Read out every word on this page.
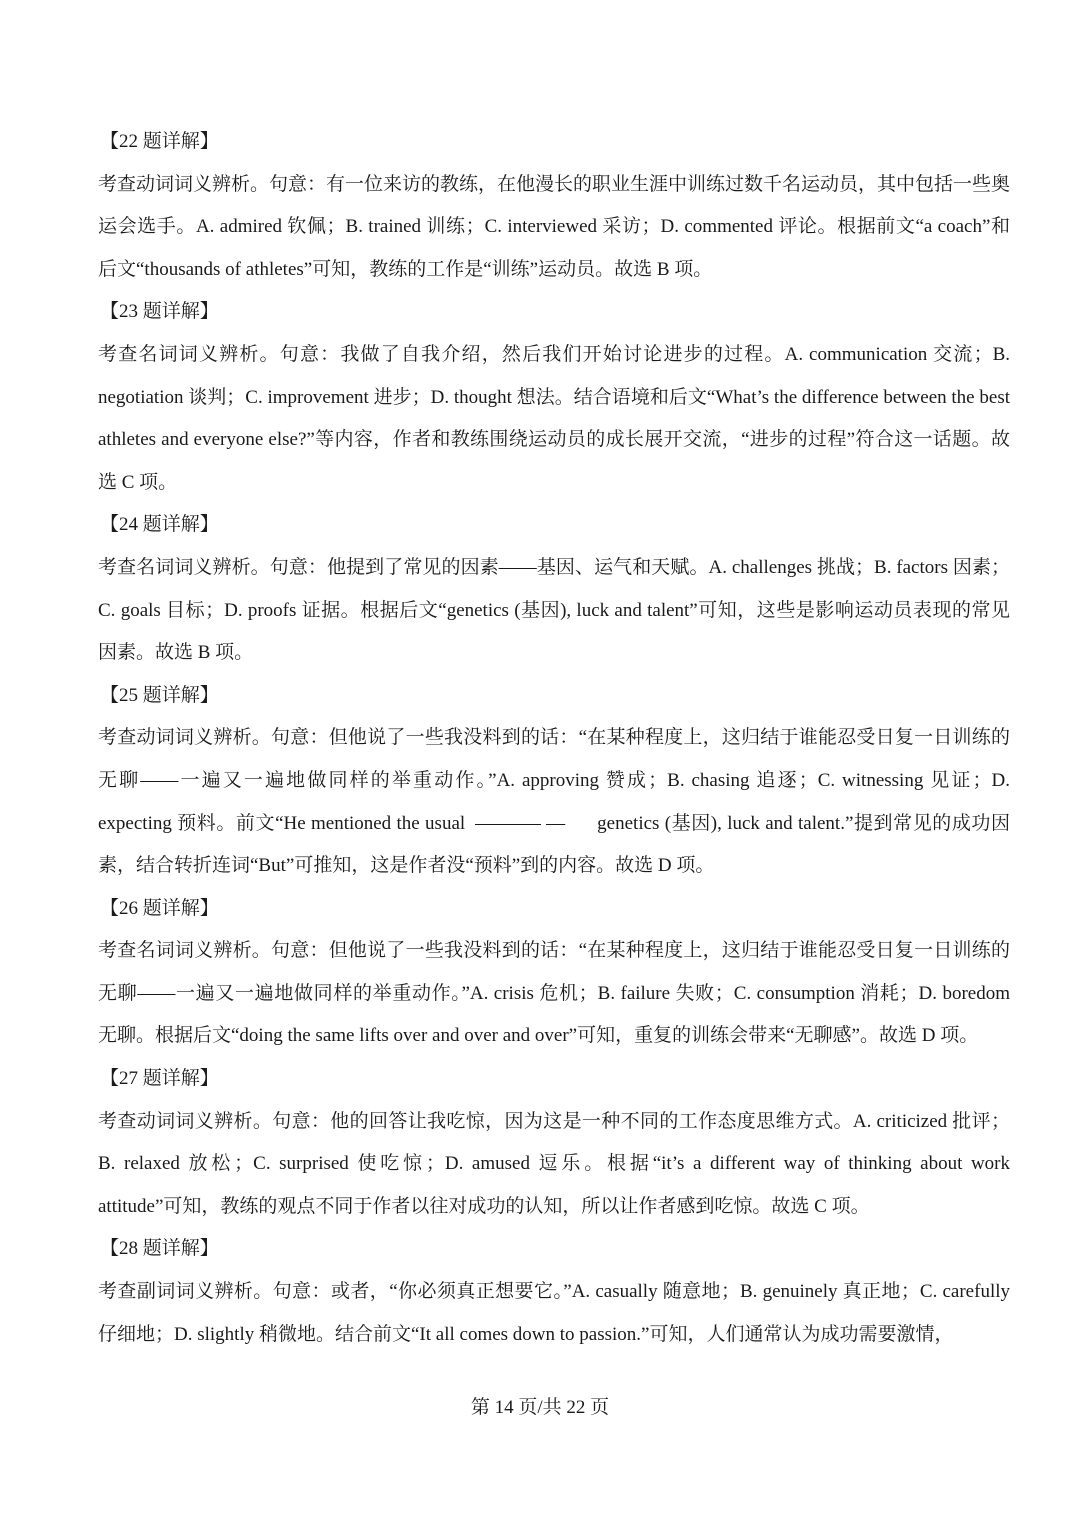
【22 题详解】

考查动词词义辨析。句意：有一位来访的教练，在他漫长的职业生涯中训练过数千名运动员，其中包括一些奥运会选手。A. admired 钦佩；B. trained 训练；C. interviewed 采访；D. commented 评论。根据前文“a coach”和后文“thousands of athletes”可知，教练的工作是“训练”运动员。故选 B 项。

【23 题详解】

考查名词词义辨析。句意：我做了自我介绍，然后我们开始讨论进步的过程。A. communication 交流；B. negotiation 谈判；C. improvement 进步；D. thought 想法。结合语境和后文“What’s the difference between the best athletes and everyone else?”等内容，作者和教练围绕运动员的成长展开交流，“进步的过程”符合这一话题。故选 C 项。

【24 题详解】

考查名词词义辨析。句意：他提到了常见的因素——基因、运气和天赋。A. challenges 挑战；B. factors 因素；C. goals 目标；D. proofs 证据。根据后文“genetics (基因), luck and talent”可知，这些是影响运动员表现的常见因素。故选 B 项。

【25 题详解】

考查动词词义辨析。句意：但他说了一些我没料到的话：“在某种程度上，这归结于谁能忍受日复一日训练的无聊——一遍又一遍地做同样的举重动作。”A. approving 赞成；B. chasing 追逐；C. witnessing 见证；D. expecting 预料。前文“He mentioned the usual	— genetics (基因), luck and talent.”提到常见的成功因素，结合转折连词“But”可推知，这是作者没“预料”到的内容。故选 D 项。

【26 题详解】

考查名词词义辨析。句意：但他说了一些我没料到的话：“在某种程度上，这归结于谁能忍受日复一日训练的无聊——一遍又一遍地做同样的举重动作。”A. crisis 危机；B. failure 失败；C. consumption 消耗；D. boredom 无聊。根据后文“doing the same lifts over and over and over”可知，重复的训练会带来“无聊感”。故选 D 项。

【27 题详解】

考查动词词义辨析。句意：他的回答让我吃惊，因为这是一种不同的工作态度思维方式。A. criticized 批评；B. relaxed 放松；C. surprised 使吃惊；D. amused 逗乐。根据“it’s a different way of thinking about work attitude”可知，教练的观点不同于作者以往对成功的认知，所以让作者感到吃惊。故选 C 项。

【28 题详解】

考查副词词义辨析。句意：或者，“你必须真正想要它。”A. casually 随意地；B. genuinely 真正地；C. carefully 仔细地；D. slightly 稍微地。结合前文“It all comes down to passion.”可知，人们通常认为成功需要激情，

第 14 页/共 22 页
